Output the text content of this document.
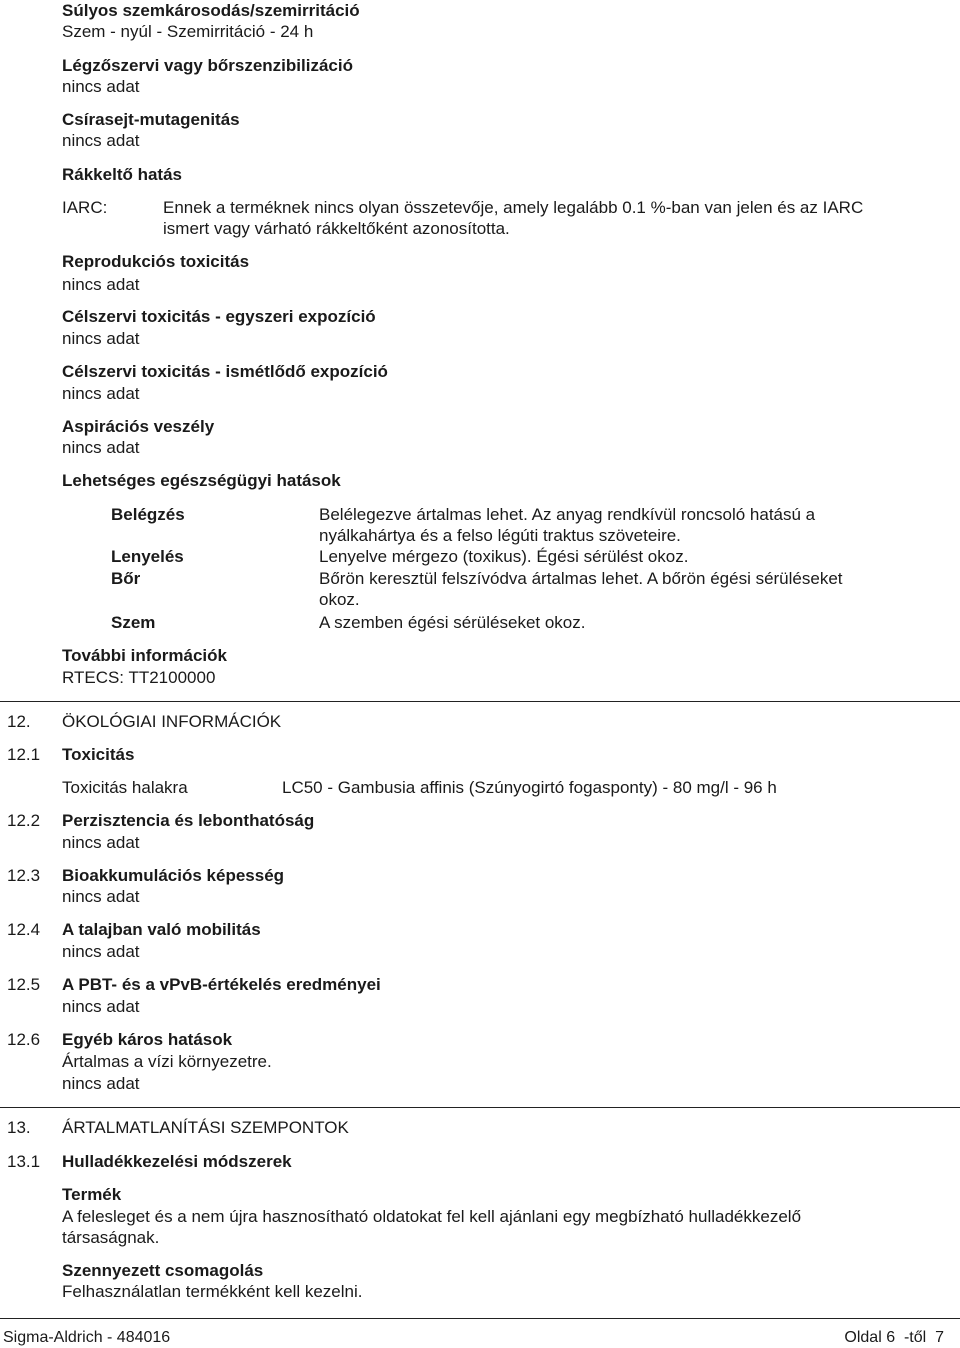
Súlyos szemkárosodás/szemirritáció
Szem - nyúl - Szemirritáció - 24 h
Légzőszervi vagy bőrszenzibilizáció
nincs adat
Csírasejt-mutagenitás
nincs adat
Rákkeltő hatás
IARC:	Ennek a terméknek nincs olyan összetevője, amely legalább 0.1 %-ban van jelen és az IARC
ismert vagy várható rákkeltőként azonosította.
Reprodukciós toxicitás
nincs adat
Célszervi toxicitás - egyszeri expozíció
nincs adat
Célszervi toxicitás - ismétlődő expozíció
nincs adat
Aspirációs veszély
nincs adat
Lehetséges egészségügyi hatások
Belégzés	Belélegezve ártalmas lehet. Az anyag rendkívül roncsoló hatású a
nyálkahártya és a felso légúti traktus szöveteire.
Lenyelés	Lenyelve mérgezo (toxikus). Égési sérülést okoz.
Bőr	Bőrön keresztül felszívódva ártalmas lehet. A bőrön égési sérüléseket
okoz.
Szem	A szemben égési sérüléseket okoz.
További információk
RTECS: TT2100000
12. ÖKOLÓGIAI INFORMÁCIÓK
12.1 Toxicitás
Toxicitás halakra	LC50 - Gambusia affinis (Szúnyogirtó fogasponty) - 80 mg/l - 96 h
12.2 Perzisztencia és lebonthatóság
nincs adat
12.3 Bioakkumulációs képesség
nincs adat
12.4 A talajban való mobilitás
nincs adat
12.5 A PBT- és a vPvB-értékelés eredményei
nincs adat
12.6 Egyéb káros hatások
Ártalmas a vízi környezetre.
nincs adat
13. ÁRTALMATLANÍTÁSI SZEMPONTOK
13.1 Hulladékkezelési módszerek
Termék
A felesleget és a nem újra hasznosítható oldatokat fel kell ajánlani egy megbízható hulladékkezelő
társaságnak.
Szennyezett csomagolás
Felhasználatlan termékként kell kezelni.
Sigma-Aldrich - 484016	Oldal 6  -től  7
